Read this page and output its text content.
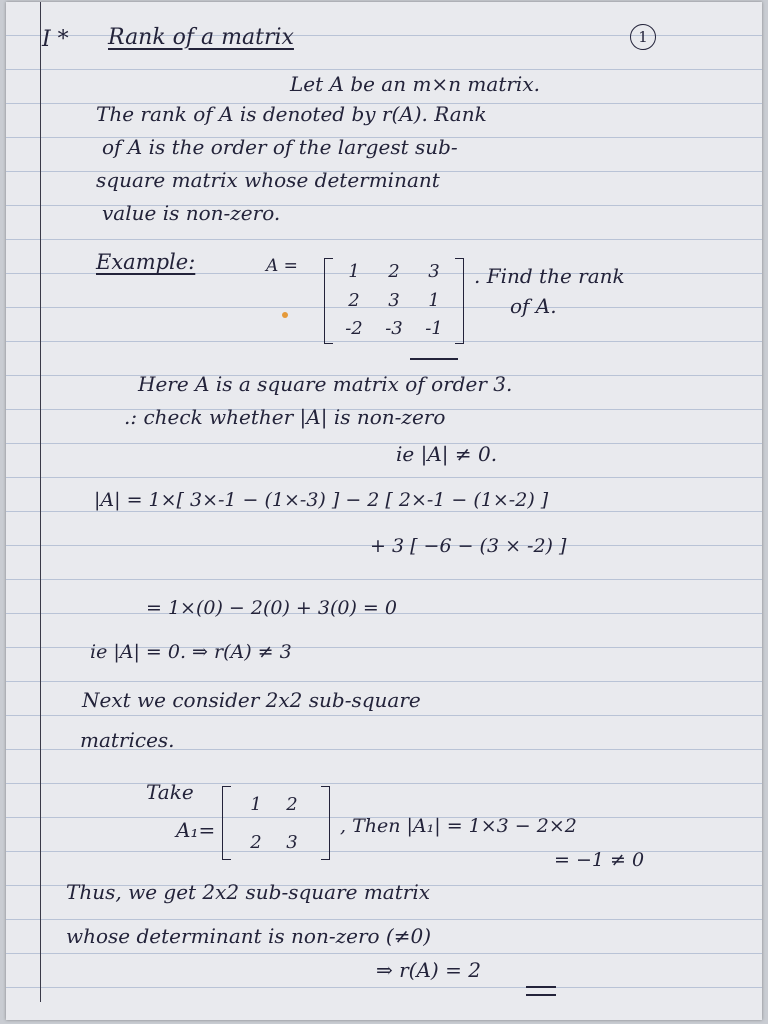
I * Rank of a matrix	1
Let A be an m×n matrix.
The rank of A is denoted by r(A). Rank
of A is the order of the largest sub-
square matrix whose determinant
value is non-zero.
Example:	A =	1	2	3
2	3	1
-2	-3	-1
. Find the rank
of A.
Here A is a square matrix of order 3.
.: check whether |A| is non-zero
ie |A| ≠ 0.
|A| = 1×[ 3×-1 − (1×-3) ] − 2 [ 2×-1 − (1×-2) ]
+ 3 [ −6 − (3 × -2) ]
= 1×(0) − 2(0) + 3(0) = 0
ie |A| = 0. ⇒ r(A) ≠ 3
Next we consider 2x2 sub-square
matrices.
Take
A₁=
1	2
2	3
, Then |A₁| = 1×3 − 2×2
= −1 ≠ 0
Thus, we get 2x2 sub-square matrix
whose determinant is non-zero (≠0)
⇒ r(A) = 2
